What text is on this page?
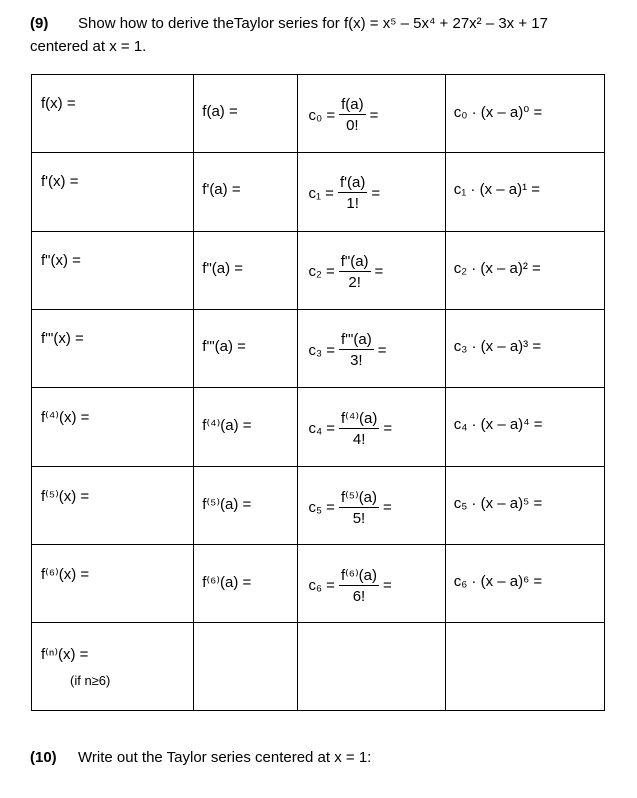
(9) Show how to derive theTaylor series for f(x) = x⁵ – 5x⁴ + 27x² – 3x + 17
centered at x = 1.
f(x) =	f(a) =	$c_0 = \frac{f(a)}{0!}$ =	c₀ · (x – a)⁰ =

f'(x) =	f'(a) =	$c_1 = \frac{f'(a)}{1!}$ =	c₁ · (x – a)¹ =

f"(x) =	f"(a) =	$c_2 = \frac{f"(a)}{2!}$ =	c₂ · (x – a)² =

f'"(x) =	f'"(a) =	$c_3 = \frac{f'"(a)}{3!}$ =	c₃ · (x – a)³ =

f⁽⁴⁾(x) =	f⁽⁴⁾(a) =	$c_4 = \frac{\text{f⁽⁴⁾(a)}}{4!}$ =	c₄ · (x – a)⁴ =

f⁽⁵⁾(x) =	f⁽⁵⁾(a) =	$c_5 = \frac{\text{f⁽⁵⁾(a)}}{5!}$ =	c₅ · (x – a)⁵ =

f⁽⁶⁾(x) =	f⁽⁶⁾(a) =	$c_6 = \frac{\text{f⁽⁶⁾(a)}}{6!}$ =	c₆ · (x – a)⁶ =

f⁽ⁿ⁾(x) =
(if n≥6)			

(10) Write out the Taylor series centered at x = 1:
